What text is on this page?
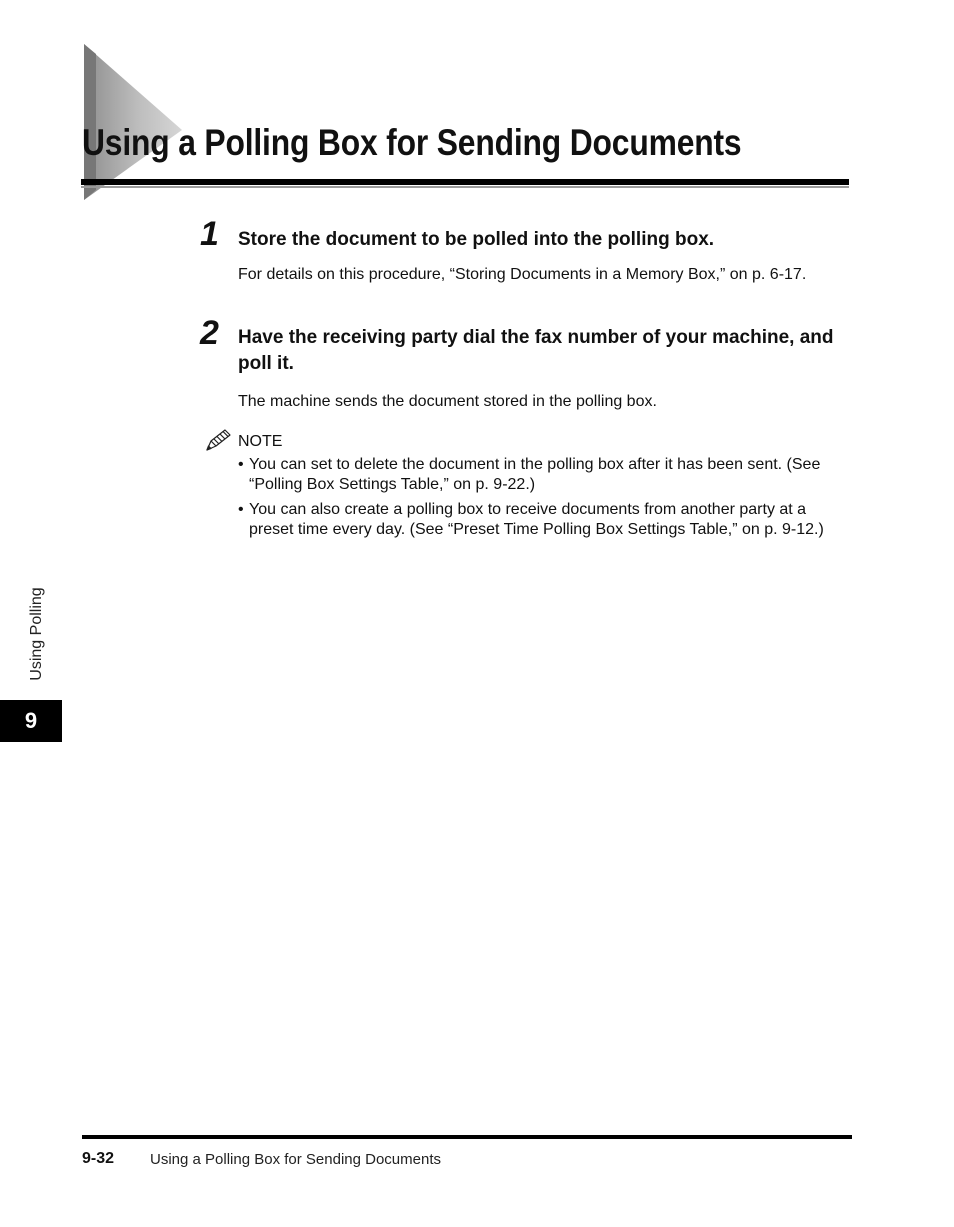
Using a Polling Box for Sending Documents
1 Store the document to be polled into the polling box.

For details on this procedure, “Storing Documents in a Memory Box,” on p. 6-17.

2 Have the receiving party dial the fax number of your machine, and poll it.

The machine sends the document stored in the polling box.

NOTE
• You can set to delete the document in the polling box after it has been sent. (See “Polling Box Settings Table,” on p. 9-22.)
• You can also create a polling box to receive documents from another party at a preset time every day. (See “Preset Time Polling Box Settings Table,” on p. 9-12.)
Using Polling
9
9-32 Using a Polling Box for Sending Documents
